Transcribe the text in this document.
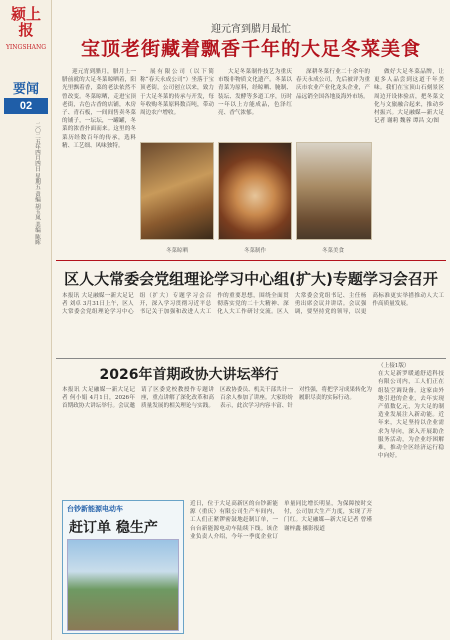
颍上报
YINGSHANG
要闻
02
二〇二五年四月四日 星期五 责编 胡玉凤 美编 陈晖
迎元宵到腊月最忙
宝顶老街藏着飘香千年的大足冬菜美食

迎元宵到腊月，腊月上一腊前就的大足冬菜晾晒着，阳光里飘着香，菜的老法依然不曾改变。冬菜晾晒，走进宝顶老街，古色古香的店铺，木房子、青石板，一间间售卖冬菜的铺子，一坛坛，一罐罐，冬菜的浓香扑面而来。这里的冬菜历经数百年的传承，选料精、工艺细、风味独特。

展有限公司（以下简称“春天永成公司”）坐落于宝顶老街，公司创立以来，致力于大足冬菜的传承与开发，每年收购冬菜原料数百吨，带动周边农户增收。

大足冬菜制作技艺为重庆市级非物质文化遗产。冬菜以青菜为原料，经晾晒、腌制、装坛、发酵等多道工序，历时一年以上方能成品，色泽红亮、香气浓郁。

深耕冬菜行业二十余年的春天永成公司，先后被评为重庆市农业产业化龙头企业，产品远销全国各地及海外市场。

做好大足冬菜品牌，让更多人品尝到这道千年美味。我们在宝顶山石刻景区周边开设体验店，把冬菜文化与文旅融合起来，推动乡村振兴。大足融媒—新大足记者 谢莉 魏蓉 谭昌 文/图

冬菜晾晒	冬菜制作	冬菜美食
区人大常委会党组理论学习中心组(扩大)专题学习会召开
本报讯 大足融媒一新大足记者 刘卓 3月31日上午，区人大常委会党组理论学习中心组（扩大）专题学习会召开，深入学习贯彻习近平总书记关于加强和改进人大工作的重要思想，围绕全面贯彻落实党的二十大精神、深化人大工作研讨交流。区人大常委会党组书记、主任杨勇出席会议并讲话。会议强调，要坚持党的领导，以更高标准更实举措推动人大工作高质量发展。
2026年首期政协大讲坛举行
本报讯 大足融媒一新大足记者 何小娟 4月1日，2026年首期政协大讲坛举行。会议邀请了区委党校教授作专题讲座，重点讲解了深化改革和高质量发展的相关理论与实践。区政协委员、机关干部共计一百余人参加了讲座。大家纷纷表示，此次学习内容丰富、针对性强，将把学习成果转化为履职尽责的实际行动。
（上接1版）

在大足新罗暖通舒适科技有限公司内，工人们正在组装空调设备。这家由外地引进的企业，去年实现产值数亿元，为大足的制造业发展注入新动能。近年来，大足坚持以企业需求为导向，深入开展助企服务活动，为企业纾困解难，推动全区经济运行稳中向好。

台钞新能源电动车
赶订单 稳生产
近日，位于大足高新区的台钞新能源（重庆）有限公司生产车间内，工人们正紧锣密鼓地赶制订单，一台台新能源电动车陆续下线。该企业负责人介绍，今年一季度企业订单量同比增长明显，为保障按时交付，公司加大生产力度，实现了开门红。大足融媒—新大足记者 曾瑾 谢梓鑫 摄影报道
